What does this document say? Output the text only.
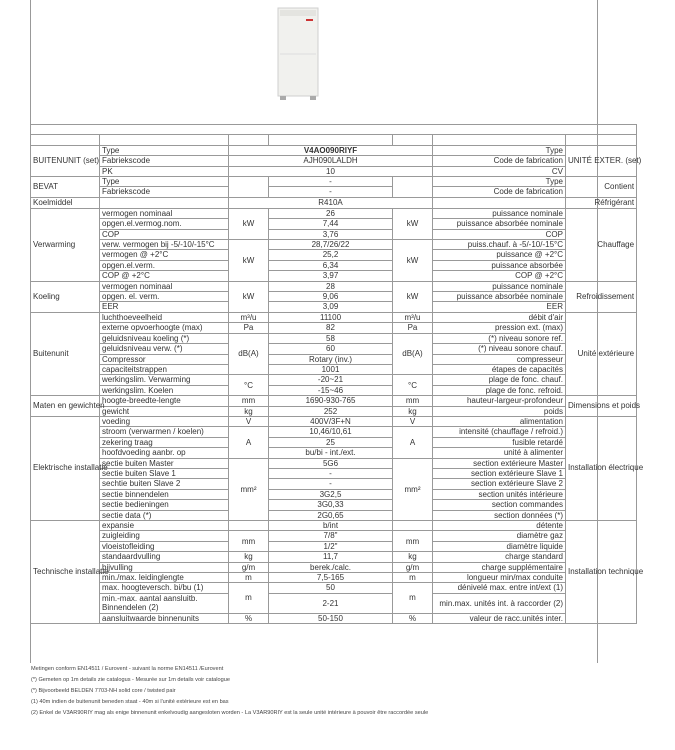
BUITENUNIT (set)	Type	V4AO090RIYF			Type	UNITÉ EXTER. (set)
	Fabriekscode	AJH090LALDH			Code de fabrication	
	PK	10			CV	
BEVAT	Type		-		Type	Contient
	Fabriekscode		-		Code de fabrication	
Koelmiddel		R410A				Réfrigérant
Verwarming	vermogen nominaal	kW	26	kW	puissance nominale	Chauffage
	opgen.el.vermog.nom.		7,44		puissance absorbée nominale	
	COP		3,76		COP	
	verw. vermogen bij -5/-10/-15°C	kW	28,7/26/22	kW	puiss.chauf. à -5/-10/-15°C	
	vermogen @ +2°C		25,2		puissance @ +2°C	
	opgen.el.verm.		6,34		puissance absorbée	
	COP @ +2°C		3,97		COP @ +2°C	
Koeling	vermogen nominaal	kW	28	kW	puissance nominale	Refroidissement
	opgen. el. verm.		9,06		puissance absorbée nominale	
	EER		3,09		EER	
Buitenunit	luchthoeveelheid	m³/u	11100	m³/u	débit d'air	Unité extérieure
	externe opvoerhoogte (max)	Pa	82	Pa	pression ext. (max)	
	geluidsniveau koeling (*)	dB(A)	58	dB(A)	(*) niveau sonore ref.	
	geluidsniveau verw. (*)		60		(*) niveau sonore chauf.	
	Compressor		Rotary (inv.)		compresseur	
	capaciteitstrappen		1001		étapes de capacités	
	werkingslim. Verwarming	°C	-20~21	°C	plage de fonc. chauf.	
	werkingslim. Koelen		-15~46		plage de fonc. refroid.	
Maten en gewichten	hoogte-breedte-lengte	mm	1690-930-765	mm	hauteur-largeur-profondeur	Dimensions et poids
	gewicht	kg	252	kg	poids	
Elektrische installatie	voeding	V	400V/3F+N	V	alimentation	Installation électrique
	stroom (verwarmen / koelen)	A	10,46/10,61	A	intensité (chauffage / refroid.)	
	zekering traag		25		fusible retardé	
	hoofdvoeding aanbr. op		bu/bi - int./ext.		unité à alimenter	
	sectie buiten Master	mm²	5G6	mm²	section extérieure Master	
	sectie buiten Slave 1		-		section extérieure Slave 1	
	sechtie buiten Slave 2		-		section extérieure Slave 2	
	sectie binnendelen		3G2,5		section unités intérieure	
	sectie bedieningen		3G0,33		section commandes	
	sectie data (*)		2G0,65		section données (*)	
Technische installatie	expansie		b/int		détente	Installation technique
	zuigleiding	mm	7/8"	mm	diamètre gaz	
	vloeistofleiding		1/2"		diamètre liquide	
	standaardvulling	kg	11,7	kg	charge standard	
	bijvulling	g/m	berek./calc.	g/m	charge supplémentaire	
	min./max. leidinglengte	m	7,5-165	m	longueur min/max conduite	
	max. hoogteversch. bi/bu (1)	m	50	m	dénivelé max. entre int/ext (1)	
	min.-max. aantal aansluitb. Binnendelen (2)		2-21		min.max. unités int. à raccorder (2)	
	aansluitwaarde binnenunits	%	50-150	%	valeur de racc.unités inter.	
Metingen conform EN14511 / Eurovent - suivant la norme EN14511 /Eurovent
(*) Gemeten op 1m details zie catalogus - Mesurée sur 1m details voir catalogue
(*) Bijvoorbeeld BELDEN 7703-NH solid core / twisted pair
(1) 40m indien de buitenunit beneden staat - 40m si l'unité extérieure est en bas
(2) Enkel de V3AR90RIY mag als enige binnenunit enkelvoudig aangesloten worden - La V3AR90RIY est la seule unité intérieure à pouvoir être raccordée seule
